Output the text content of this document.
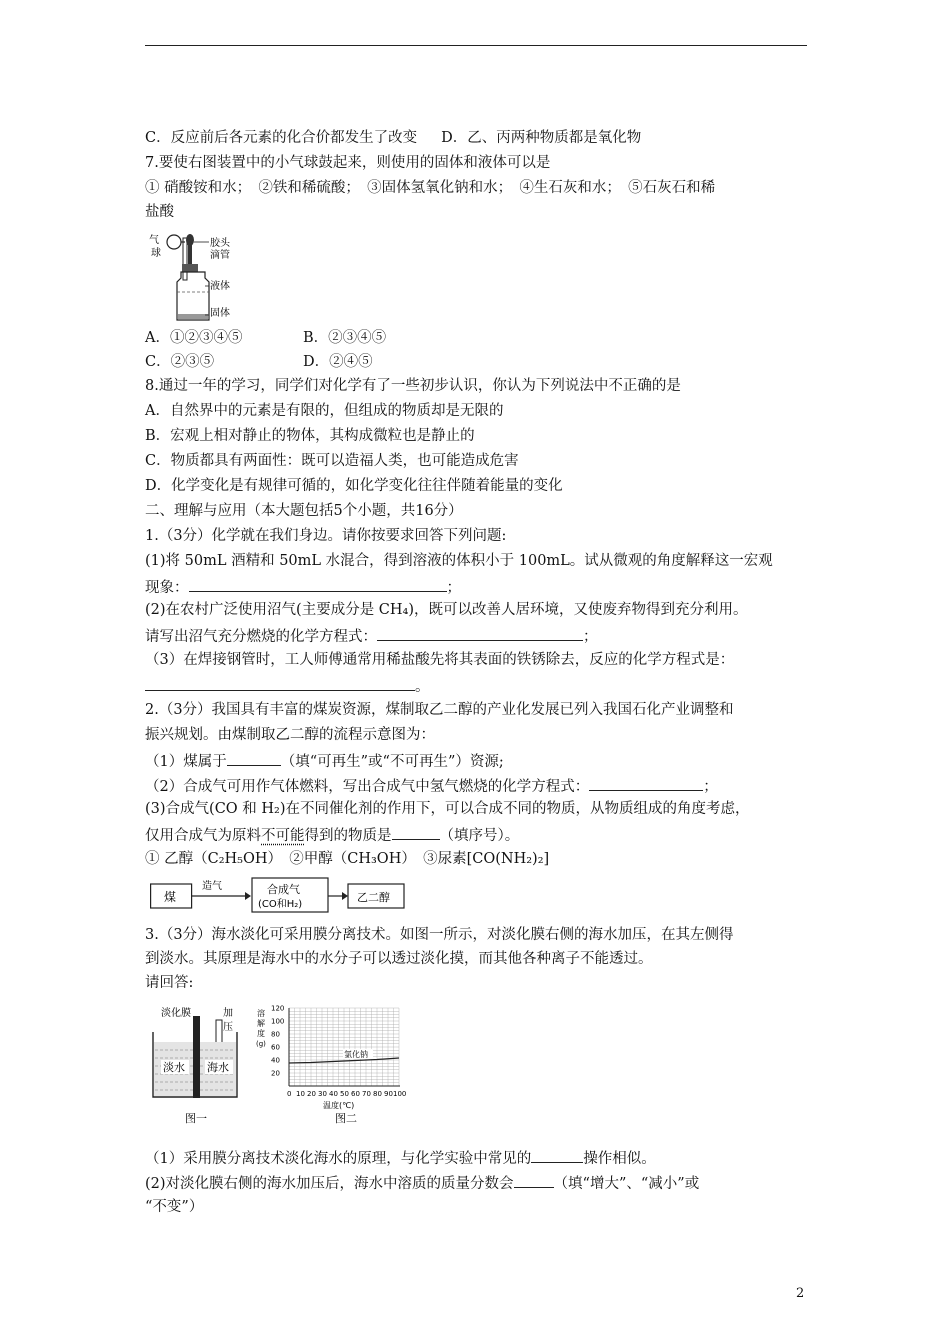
C．反应前后各元素的化合价都发生了改变 D．乙、丙两种物质都是氧化物
7.要使右图装置中的小气球鼓起来，则使用的固体和液体可以是
① 硝酸铵和水；　②铁和稀硫酸；　③固体氢氧化钠和水；　④生石灰和水；　⑤石灰石和稀
盐酸
气
球
胶头
滴管
液体
固体
A．①②③④⑤	B．②③④⑤
C．②③⑤	D．②④⑤
8.通过一年的学习，同学们对化学有了一些初步认识，你认为下列说法中不正确的是
A．自然界中的元素是有限的，但组成的物质却是无限的
B．宏观上相对静止的物体，其构成微粒也是静止的
C．物质都具有两面性：既可以造福人类，也可能造成危害
D．化学变化是有规律可循的，如化学变化往往伴随着能量的变化
二、理解与应用（本大题包括5个小题，共16分）
1.（3分）化学就在我们身边。请你按要求回答下列问题:
(1)将 50mL 酒精和 50mL 水混合，得到溶液的体积小于 100mL。试从微观的角度解释这一宏观
现象：	；
(2)在农村广泛使用沼气(主要成分是 CH₄)，既可以改善人居环境，又使废弃物得到充分利用。
请写出沼气充分燃烧的化学方程式：	；
（3）在焊接钢管时，工人师傅通常用稀盐酸先将其表面的铁锈除去，反应的化学方程式是：
。
2.（3分）我国具有丰富的煤炭资源，煤制取乙二醇的产业化发展已列入我国石化产业调整和
振兴规划。由煤制取乙二醇的流程示意图为：
（1）煤属于	（填“可再生”或“不可再生”）资源;
（2）合成气可用作气体燃料，写出合成气中氢气燃烧的化学方程式：	；
(3)合成气(CO 和 H₂)在不同催化剂的作用下，可以合成不同的物质，从物质组成的角度考虑，
仅用合成气为原料不可能得到的物质是	（填序号）。
① 乙醇（C₂H₅OH）　②甲醇（CH₃OH）　③尿素[CO(NH₂)₂]
煤
造气	合成气
(CO和H₂)
乙二醇
3.（3分）海水淡化可采用膜分离技术。如图一所示，对淡化膜右侧的海水加压，在其左侧得
到淡水。其原理是海水中的水分子可以透过淡化摸，而其他各种离子不能透过。
请回答:
淡化膜	加
压
淡水 海水
图一
溶
解
度
(g)
120
100
80
60
40
20
0 10 20 30 40 50 60 70 80 90 100
氯化钠
温度(℃)
图二
（1）采用膜分离技术淡化海水的原理，与化学实验中常见的	操作相似。
(2)对淡化膜右侧的海水加压后，海水中溶质的质量分数会	（填“增大”、“减小”或
“不变”）
2
